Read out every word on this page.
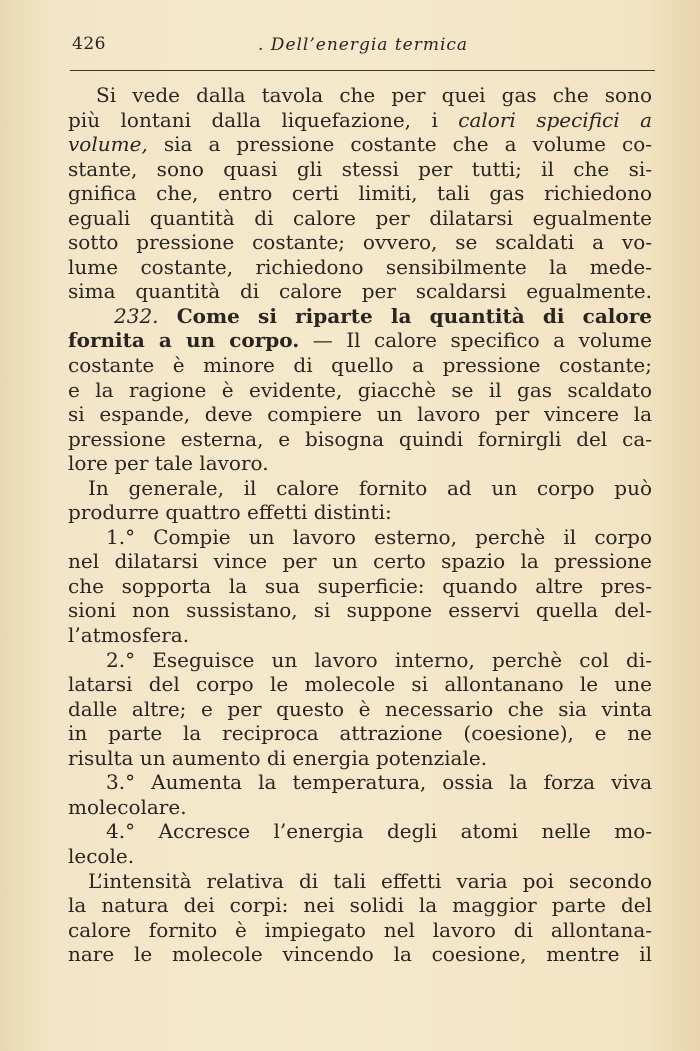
426	. Dell’energia termica
Si vede dalla tavola che per quei gas che sono
più lontani dalla liquefazione, i calori specifici a
volume, sia a pressione costante che a volume co-
stante, sono quasi gli stessi per tutti; il che si-
gnifica che, entro certi limiti, tali gas richiedono
eguali quantità di calore per dilatarsi egualmente
sotto pressione costante; ovvero, se scaldati a vo-
lume costante, richiedono sensibilmente la mede-
sima quantità di calore per scaldarsi egualmente.
232. Come si riparte la quantità di calore
fornita a un corpo. — Il calore specifico a volume
costante è minore di quello a pressione costante;
e la ragione è evidente, giacchè se il gas scaldato
si espande, deve compiere un lavoro per vincere la
pressione esterna, e bisogna quindi fornirgli del ca-
lore per tale lavoro.
In generale, il calore fornito ad un corpo può
produrre quattro effetti distinti:
1.° Compie un lavoro esterno, perchè il corpo
nel dilatarsi vince per un certo spazio la pressione
che sopporta la sua superficie: quando altre pres-
sioni non sussistano, si suppone esservi quella del-
l’atmosfera.
2.° Eseguisce un lavoro interno, perchè col di-
latarsi del corpo le molecole si allontanano le une
dalle altre; e per questo è necessario che sia vinta
in parte la reciproca attrazione (coesione), e ne
risulta un aumento di energia potenziale.
3.° Aumenta la temperatura, ossia la forza viva
molecolare.
4.° Accresce l’energia degli atomi nelle mo-
lecole.
L’intensità relativa di tali effetti varia poi secondo
la natura dei corpi: nei solidi la maggior parte del
calore fornito è impiegato nel lavoro di allontana-
nare le molecole vincendo la coesione, mentre il
